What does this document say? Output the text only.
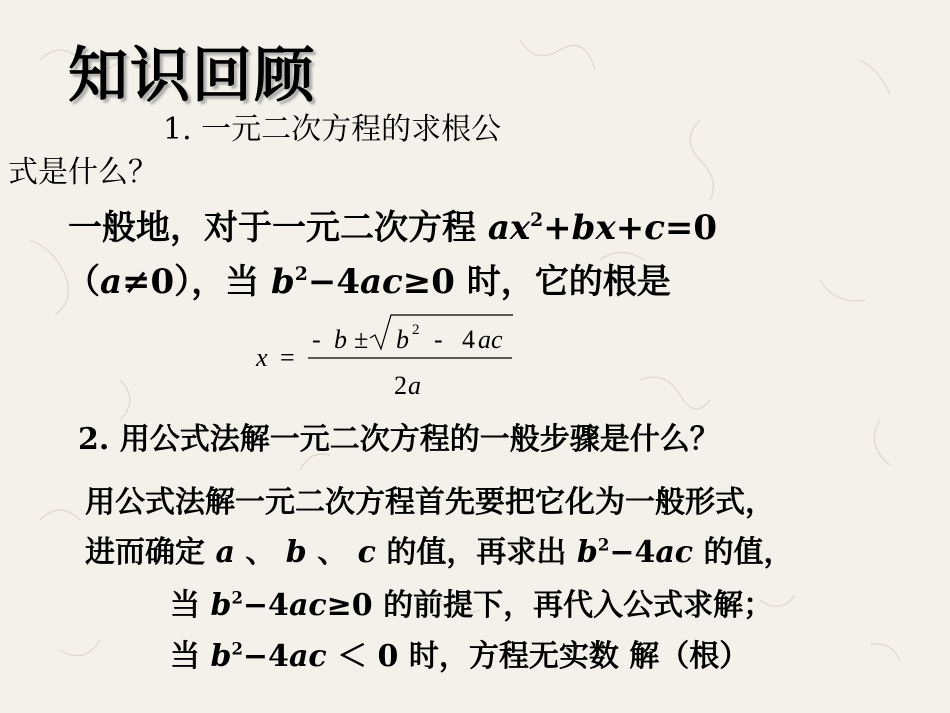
知识回顾
1. 一元二次方程的求根公
式是什么？
一般地，对于一元二次方程 $ax^2+bx+c=0$
（a≠0），当 $b^2-4ac\ge 0$ 时，它的根是
x =
- b ± b 2 - 4 ac
2 a
2. 用公式法解一元二次方程的一般步骤是什么？
用公式法解一元二次方程首先要把它化为一般形式，
进而确定 a 、 b 、 c 的值，再求出 $b^2-4ac$ 的值，
当 $b^2-4ac\ge 0$ 的前提下，再代入公式求解；
当 $b^2-4ac < 0$ 时，方程无实数 解（根）
